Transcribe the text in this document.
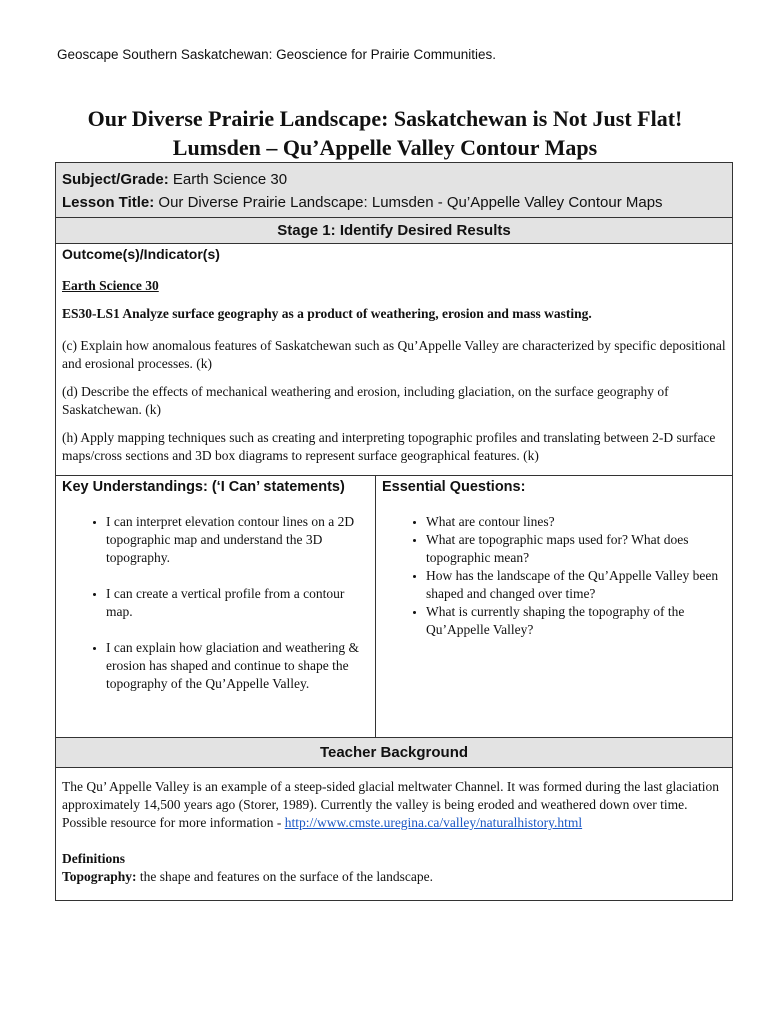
Geoscape Southern Saskatchewan: Geoscience for Prairie Communities.
Our Diverse Prairie Landscape: Saskatchewan is Not Just Flat!
Lumsden – Qu’Appelle Valley Contour Maps
Subject/Grade: Earth Science 30
Lesson Title: Our Diverse Prairie Landscape: Lumsden - Qu’Appelle Valley Contour Maps
Stage 1: Identify Desired Results
Outcome(s)/Indicator(s)

Earth Science 30

ES30-LS1 Analyze surface geography as a product of weathering, erosion and mass wasting.

(c) Explain how anomalous features of Saskatchewan such as Qu’Appelle Valley are characterized by specific depositional and erosional processes. (k)

(d) Describe the effects of mechanical weathering and erosion, including glaciation, on the surface geography of Saskatchewan. (k)

(h) Apply mapping techniques such as creating and interpreting topographic profiles and translating between 2-D surface maps/cross sections and 3D box diagrams to represent surface geographical features. (k)

Key Understandings: (‘I Can’ statements)
• I can interpret elevation contour lines on a 2D topographic map and understand the 3D topography.
• I can create a vertical profile from a contour map.
• I can explain how glaciation and weathering & erosion has shaped and continue to shape the topography of the Qu’Appelle Valley.
Essential Questions:
• What are contour lines?
• What are topographic maps used for? What does topographic mean?
• How has the landscape of the Qu’Appelle Valley been shaped and changed over time?
• What is currently shaping the topography of the Qu’Appelle Valley?
Teacher Background

The Qu’ Appelle Valley is an example of a steep-sided glacial meltwater Channel. It was formed during the last glaciation approximately 14,500 years ago (Storer, 1989). Currently the valley is being eroded and weathered down over time.

Possible resource for more information - http://www.cmste.uregina.ca/valley/naturalhistory.html

Definitions

Topography: the shape and features on the surface of the landscape.
